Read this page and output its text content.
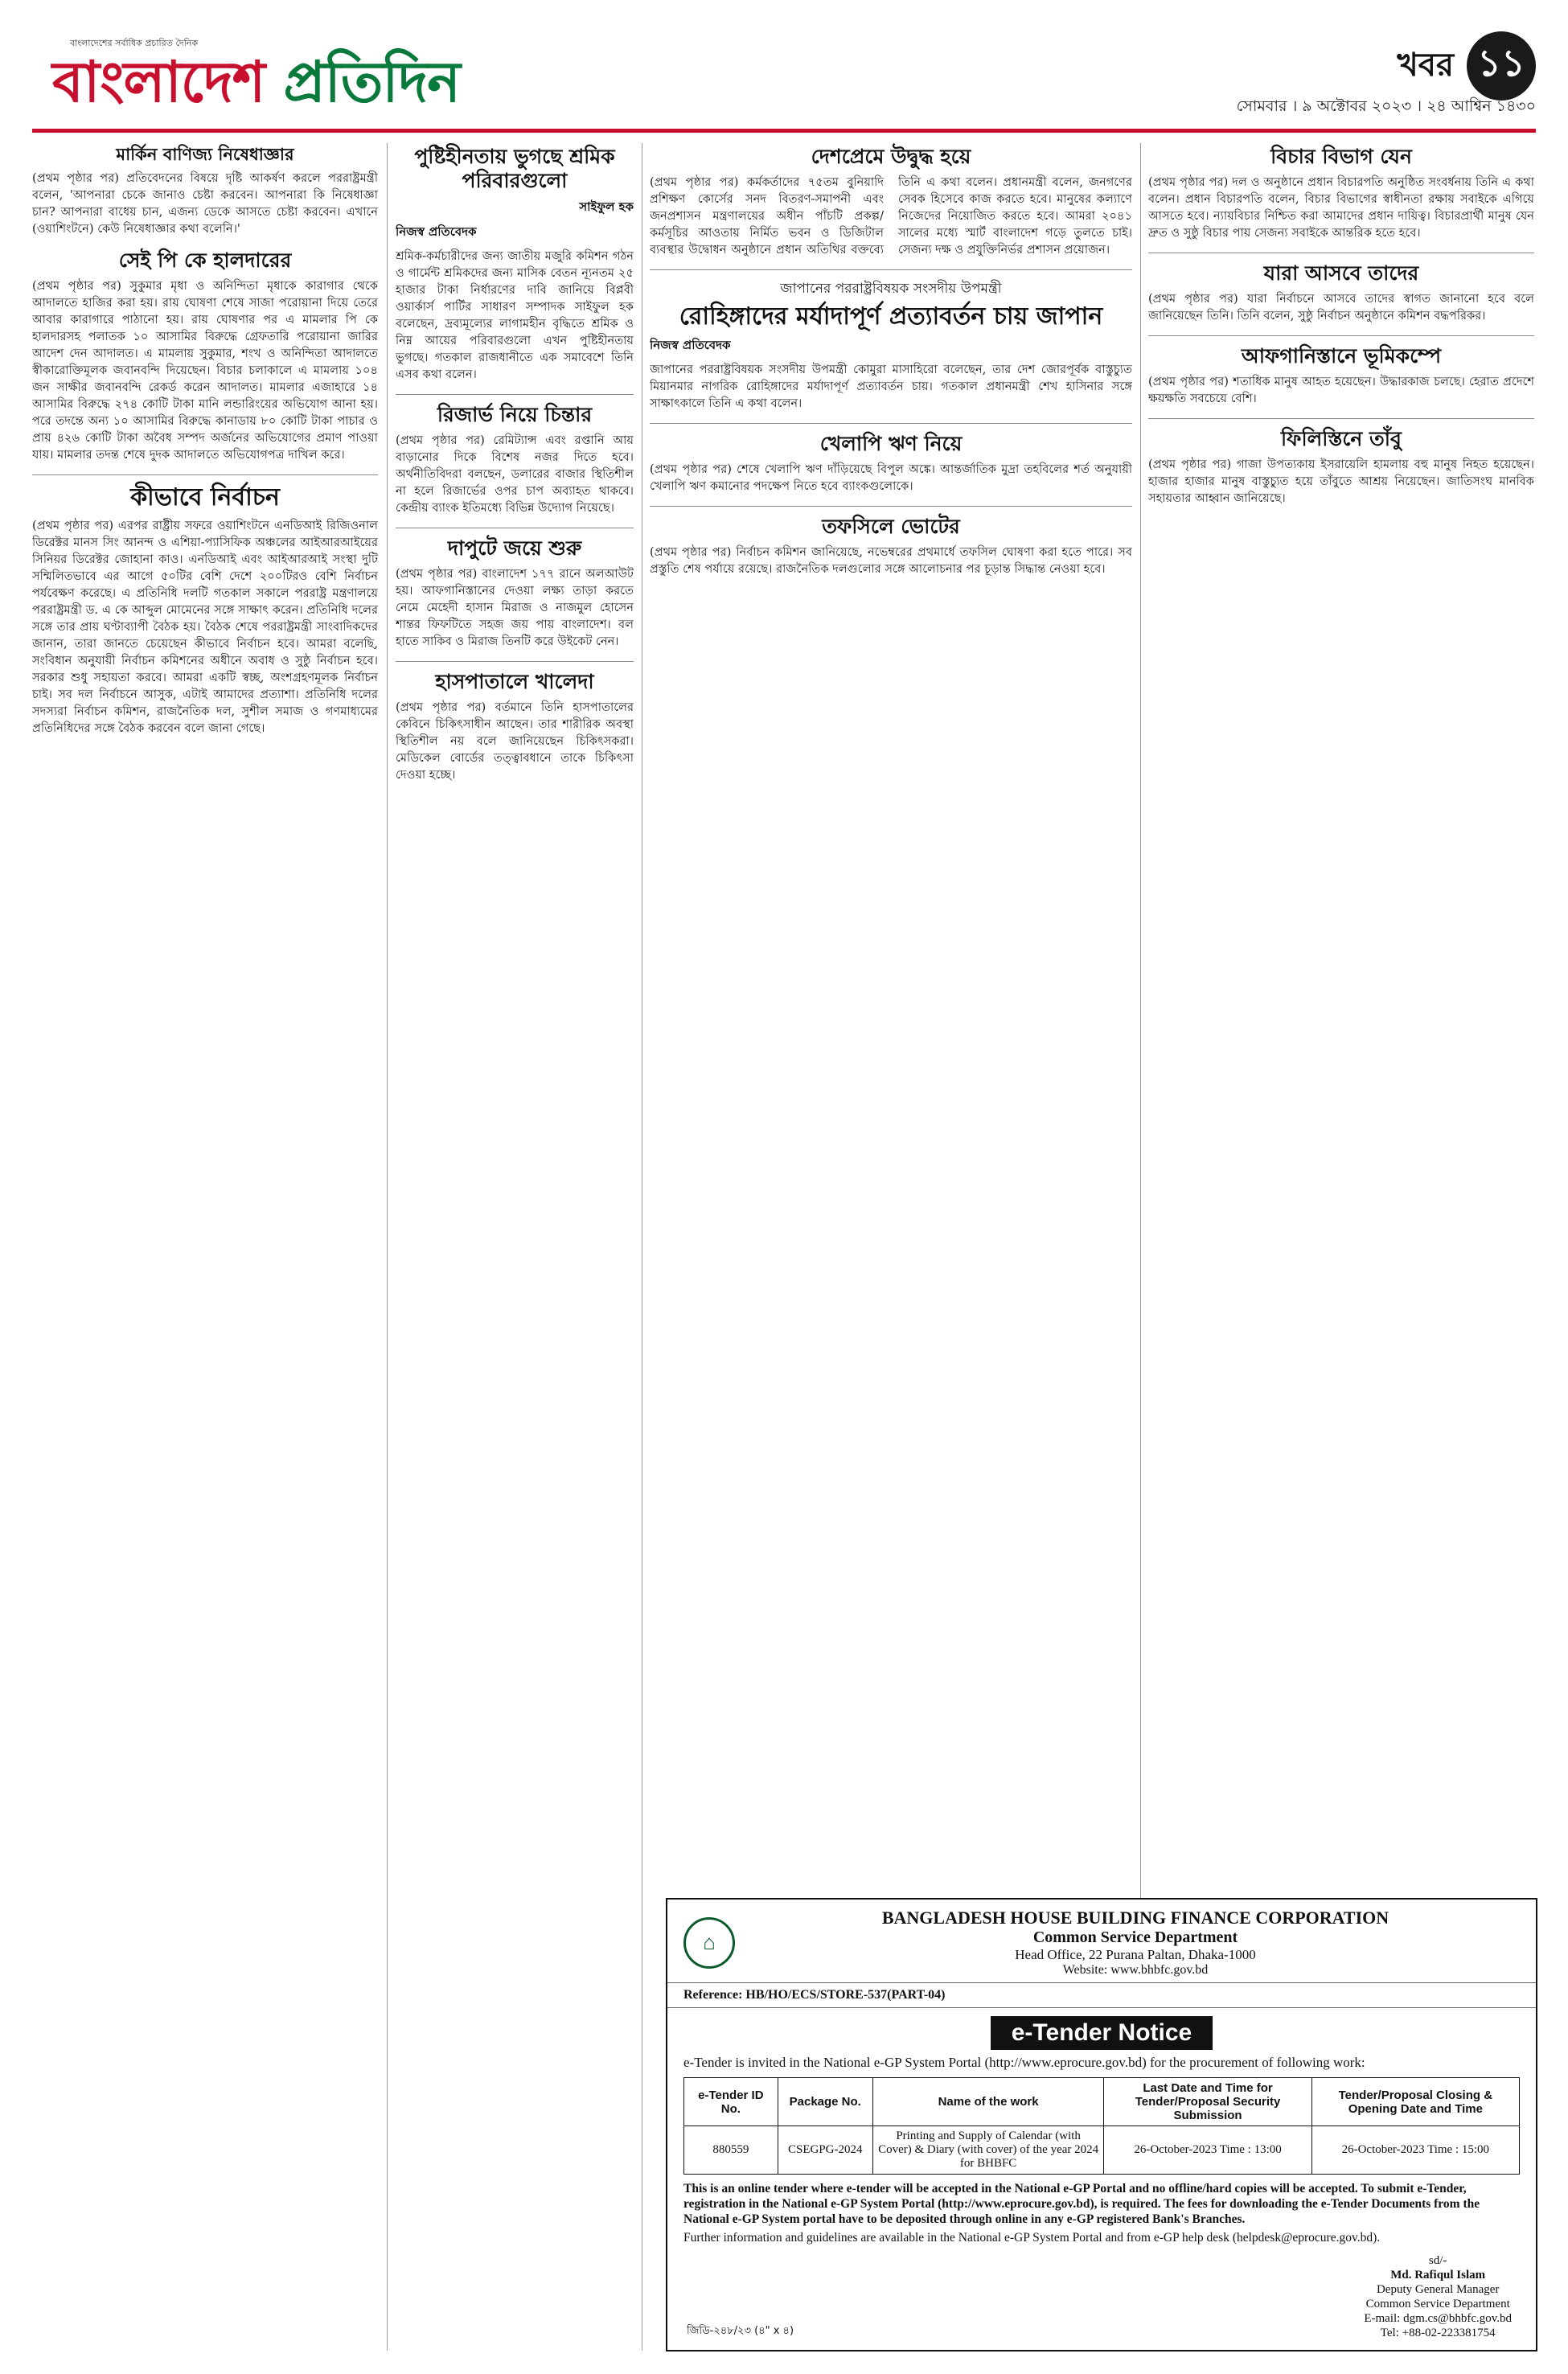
বাংলাদেশের সর্বাধিক প্রচারিত দৈনিক
বাংলাদেশ প্রতিদিন	খবর ১১
সোমবার । ৯ অক্টোবর ২০২৩ । ২৪ আশ্বিন ১৪৩০
মার্কিন বাণিজ্য নিষেধাজ্ঞার
(প্রথম পৃষ্ঠার পর) প্রতিবেদনের বিষয়ে দৃষ্টি আকর্ষণ করলে পররাষ্ট্রমন্ত্রী বলেন, 'আপনারা চেকে জানাও চেষ্টা করবেন। আপনারা কি নিষেধাজ্ঞা চান? আপনারা বাধেয় চান, এজন্য ডেকে আসতে চেষ্টা করবেন। এখানে (ওয়াশিংটনে) কেউ নিষেধাজ্ঞার কথা বলেনি।'
সেই পি কে হালদারের
(প্রথম পৃষ্ঠার পর) সুকুমার মৃধা ও অনিন্দিতা মৃধাকে কারাগার থেকে আদালতে হাজির করা হয়। রায় ঘোষণা শেষে সাজা পরোয়ানা দিয়ে তেরে আবার কারাগারে পাঠানো হয়। রায় ঘোষণার পর এ মামলার পি কে হালদারসহ পলাতক ১০ আসামির বিরুদ্ধে গ্রেফতারি পরোয়ানা জারির আদেশ দেন আদালত। এ মামলায় সুকুমার, শংখ ও অনিন্দিতা আদালতে স্বীকারোক্তিমূলক জবানবন্দি দিয়েছেন। বিচার চলাকালে এ মামলায় ১০৪ জন সাক্ষীর জবানবন্দি রেকর্ড করেন আদালত। মামলার এজাহারে ১৪ আসামির বিরুদ্ধে ২৭৪ কোটি টাকা মানি লন্ডারিংয়ের অভিযোগ আনা হয়। পরে তদন্তে অন্য ১০ আসামির বিরুদ্ধে কানাডায় ৮০ কোটি টাকা পাচার ও প্রায় ৪২৬ কোটি টাকা অবৈধ সম্পদ অর্জনের অভিযোগের প্রমাণ পাওয়া যায়। মামলার তদন্ত শেষে দুদক আদালতে অভিযোগপত্র দাখিল করে।
কীভাবে নির্বাচন
(প্রথম পৃষ্ঠার পর) এরপর রাষ্ট্রীয় সফরে ওয়াশিংটনে এনডিআই রিজিওনাল ডিরেক্টর মানস সিং আনন্দ ও এশিয়া-প্যাসিফিক অঞ্চলের আইআরআইয়ের সিনিয়র ডিরেক্টর জোহানা কাও। এনডিআই এবং আইআরআই সংস্থা দুটি সম্মিলিতভাবে এর আগে ৫০টির বেশি দেশে ২০০টিরও বেশি নির্বাচন পর্যবেক্ষণ করেছে। এ প্রতিনিধি দলটি গতকাল সকালে পররাষ্ট্র মন্ত্রণালয়ে পররাষ্ট্রমন্ত্রী ড. এ কে আব্দুল মোমেনের সঙ্গে সাক্ষাৎ করেন। প্রতিনিধি দলের সঙ্গে তার প্রায় ঘণ্টাব্যাপী বৈঠক হয়। বৈঠক শেষে পররাষ্ট্রমন্ত্রী সাংবাদিকদের জানান, তারা জানতে চেয়েছেন কীভাবে নির্বাচন হবে। আমরা বলেছি, সংবিধান অনুযায়ী নির্বাচন কমিশনের অধীনে অবাধ ও সুষ্ঠু নির্বাচন হবে। সরকার শুধু সহায়তা করবে। আমরা একটি স্বচ্ছ, অংশগ্রহণমূলক নির্বাচন চাই। সব দল নির্বাচনে আসুক, এটাই আমাদের প্রত্যাশা। প্রতিনিধি দলের সদস্যরা নির্বাচন কমিশন, রাজনৈতিক দল, সুশীল সমাজ ও গণমাধ্যমের প্রতিনিধিদের সঙ্গে বৈঠক করবেন বলে জানা গেছে।
পুষ্টিহীনতায় ভুগছে শ্রমিক পরিবারগুলো
সাইফুল হক
নিজস্ব প্রতিবেদক
শ্রমিক-কর্মচারীদের জন্য জাতীয় মজুরি কমিশন গঠন ও গার্মেন্ট শ্রমিকদের জন্য মাসিক বেতন ন্যূনতম ২৫ হাজার টাকা নির্ধারণের দাবি জানিয়ে বিপ্লবী ওয়ার্কার্স পার্টির সাধারণ সম্পাদক সাইফুল হক বলেছেন, দ্রব্যমূল্যের লাগামহীন বৃদ্ধিতে শ্রমিক ও নিম্ন আয়ের পরিবারগুলো এখন পুষ্টিহীনতায় ভুগছে। গতকাল রাজধানীতে এক সমাবেশে তিনি এসব কথা বলেন।
রিজার্ভ নিয়ে চিন্তার
(প্রথম পৃষ্ঠার পর) রেমিট্যান্স এবং রপ্তানি আয় বাড়ানোর দিকে বিশেষ নজর দিতে হবে। অর্থনীতিবিদরা বলছেন, ডলারের বাজার স্থিতিশীল না হলে রিজার্ভের ওপর চাপ অব্যাহত থাকবে। কেন্দ্রীয় ব্যাংক ইতিমধ্যে বিভিন্ন উদ্যোগ নিয়েছে।
দাপুটে জয়ে শুরু
(প্রথম পৃষ্ঠার পর) বাংলাদেশ ১৭৭ রানে অলআউট হয়। আফগানিস্তানের দেওয়া লক্ষ্য তাড়া করতে নেমে মেহেদী হাসান মিরাজ ও নাজমুল হোসেন শান্তর ফিফটিতে সহজ জয় পায় বাংলাদেশ। বল হাতে সাকিব ও মিরাজ তিনটি করে উইকেট নেন।
হাসপাতালে খালেদা
(প্রথম পৃষ্ঠার পর) বর্তমানে তিনি হাসপাতালের কেবিনে চিকিৎসাধীন আছেন। তার শারীরিক অবস্থা স্থিতিশীল নয় বলে জানিয়েছেন চিকিৎসকরা। মেডিকেল বোর্ডের তত্ত্বাবধানে তাকে চিকিৎসা দেওয়া হচ্ছে।
দেশপ্রেমে উদ্বুদ্ধ হয়ে
(প্রথম পৃষ্ঠার পর) কর্মকর্তাদের ৭৫তম বুনিয়াদি প্রশিক্ষণ কোর্সের সনদ বিতরণ-সমাপনী এবং জনপ্রশাসন মন্ত্রণালয়ের অধীন পাঁচটি প্রকল্প/কর্মসূচির আওতায় নির্মিত ভবন ও ডিজিটাল ব্যবস্থার উদ্বোধন অনুষ্ঠানে প্রধান অতিথির বক্তব্যে তিনি এ কথা বলেন। প্রধানমন্ত্রী বলেন, জনগণের সেবক হিসেবে কাজ করতে হবে। মানুষের কল্যাণে নিজেদের নিয়োজিত করতে হবে। আমরা ২০৪১ সালের মধ্যে স্মার্ট বাংলাদেশ গড়ে তুলতে চাই। সেজন্য দক্ষ ও প্রযুক্তিনির্ভর প্রশাসন প্রয়োজন।
জাপানের পররাষ্ট্রবিষয়ক সংসদীয় উপমন্ত্রী
রোহিঙ্গাদের মর্যাদাপূর্ণ প্রত্যাবর্তন চায় জাপান
নিজস্ব প্রতিবেদক
জাপানের পররাষ্ট্রবিষয়ক সংসদীয় উপমন্ত্রী কোমুরা মাসাহিরো বলেছেন, তার দেশ জোরপূর্বক বাস্তুচ্যুত মিয়ানমার নাগরিক রোহিঙ্গাদের মর্যাদাপূর্ণ প্রত্যাবর্তন চায়। গতকাল প্রধানমন্ত্রী শেখ হাসিনার সঙ্গে সাক্ষাৎকালে তিনি এ কথা বলেন।
খেলাপি ঋণ নিয়ে
(প্রথম পৃষ্ঠার পর) শেষে খেলাপি ঋণ দাঁড়িয়েছে বিপুল অঙ্কে। আন্তর্জাতিক মুদ্রা তহবিলের শর্ত অনুযায়ী খেলাপি ঋণ কমানোর পদক্ষেপ নিতে হবে ব্যাংকগুলোকে।
তফসিলে ভোটের
(প্রথম পৃষ্ঠার পর) নির্বাচন কমিশন জানিয়েছে, নভেম্বরের প্রথমার্ধে তফসিল ঘোষণা করা হতে পারে। সব প্রস্তুতি শেষ পর্যায়ে রয়েছে। রাজনৈতিক দলগুলোর সঙ্গে আলোচনার পর চূড়ান্ত সিদ্ধান্ত নেওয়া হবে।
বিচার বিভাগ যেন
(প্রথম পৃষ্ঠার পর) দল ও অনুষ্ঠানে প্রধান বিচারপতি অনুষ্ঠিত সংবর্ধনায় তিনি এ কথা বলেন। প্রধান বিচারপতি বলেন, বিচার বিভাগের স্বাধীনতা রক্ষায় সবাইকে এগিয়ে আসতে হবে। ন্যায়বিচার নিশ্চিত করা আমাদের প্রধান দায়িত্ব। বিচারপ্রার্থী মানুষ যেন দ্রুত ও সুষ্ঠু বিচার পায় সেজন্য সবাইকে আন্তরিক হতে হবে।
যারা আসবে তাদের
(প্রথম পৃষ্ঠার পর) যারা নির্বাচনে আসবে তাদের স্বাগত জানানো হবে বলে জানিয়েছেন তিনি। তিনি বলেন, সুষ্ঠু নির্বাচন অনুষ্ঠানে কমিশন বদ্ধপরিকর।
আফগানিস্তানে ভূমিকম্পে
(প্রথম পৃষ্ঠার পর) শতাধিক মানুষ আহত হয়েছেন। উদ্ধারকাজ চলছে। হেরাত প্রদেশে ক্ষয়ক্ষতি সবচেয়ে বেশি।
ফিলিস্তিনে তাঁবু
(প্রথম পৃষ্ঠার পর) গাজা উপত্যকায় ইসরায়েলি হামলায় বহু মানুষ নিহত হয়েছেন। হাজার হাজার মানুষ বাস্তুচ্যুত হয়ে তাঁবুতে আশ্রয় নিয়েছেন। জাতিসংঘ মানবিক সহায়তার আহ্বান জানিয়েছে।
⌂
BANGLADESH HOUSE BUILDING FINANCE CORPORATION
Common Service Department
Head Office, 22 Purana Paltan, Dhaka-1000
Website: www.bhbfc.gov.bd
Reference: HB/HO/ECS/STORE-537(PART-04)
e-Tender Notice
e-Tender is invited in the National e-GP System Portal (http://www.eprocure.gov.bd) for the procurement of following work:
e-Tender ID No.	Package No.	Name of the work	Last Date and Time for Tender/Proposal Security Submission	Tender/Proposal Closing & Opening Date and Time
880559	CSEGPG-2024	Printing and Supply of Calendar (with Cover) & Diary (with cover) of the year 2024 for BHBFC	26-October-2023 Time : 13:00	26-October-2023 Time : 15:00
This is an online tender where e-tender will be accepted in the National e-GP Portal and no offline/hard copies will be accepted. To submit e-Tender, registration in the National e-GP System Portal (http://www.eprocure.gov.bd), is required. The fees for downloading the e-Tender Documents from the National e-GP System portal have to be deposited through online in any e-GP registered Bank's Branches.
Further information and guidelines are available in the National e-GP System Portal and from e-GP help desk (helpdesk@eprocure.gov.bd).
জিডি-২৪৮/২৩ (৪" x ৪)
sd/-
Md. Rafiqul Islam
Deputy General Manager
Common Service Department
E-mail: dgm.cs@bhbfc.gov.bd
Tel: +88-02-223381754
